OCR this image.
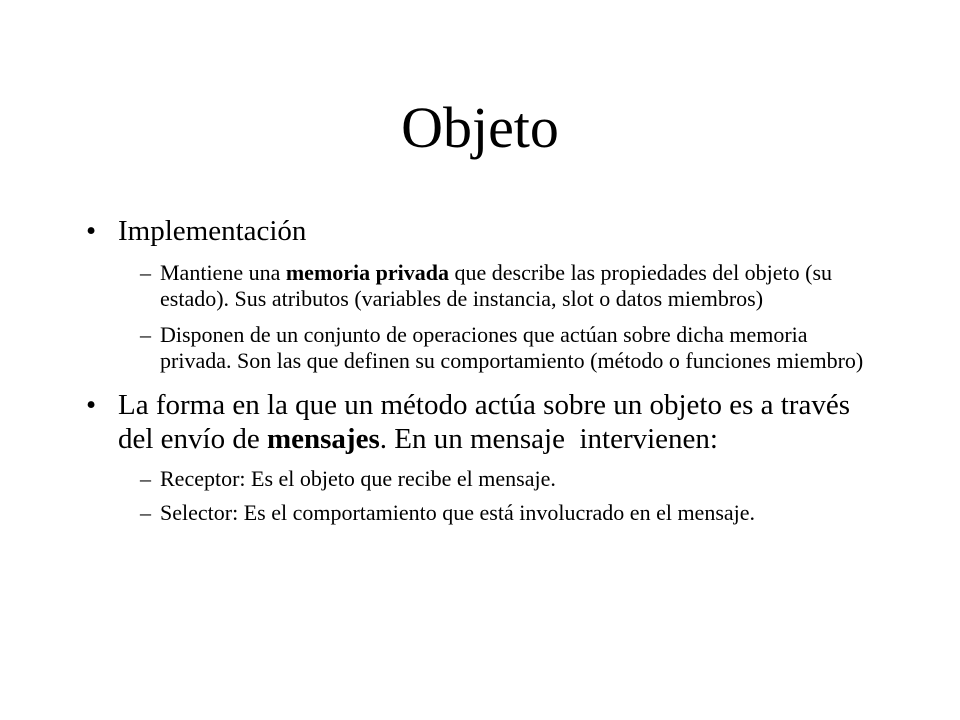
Objeto

• Implementación

– Mantiene una memoria privada que describe las propiedades del objeto (su estado). Sus atributos (variables de instancia, slot o datos miembros)

– Disponen de un conjunto de operaciones que actúan sobre dicha memoria privada. Son las que definen su comportamiento (método o funciones miembro)

• La forma en la que un método actúa sobre un objeto es a través del envío de mensajes. En un mensaje  intervienen:

– Receptor: Es el objeto que recibe el mensaje.

– Selector: Es el comportamiento que está involucrado en el mensaje.
